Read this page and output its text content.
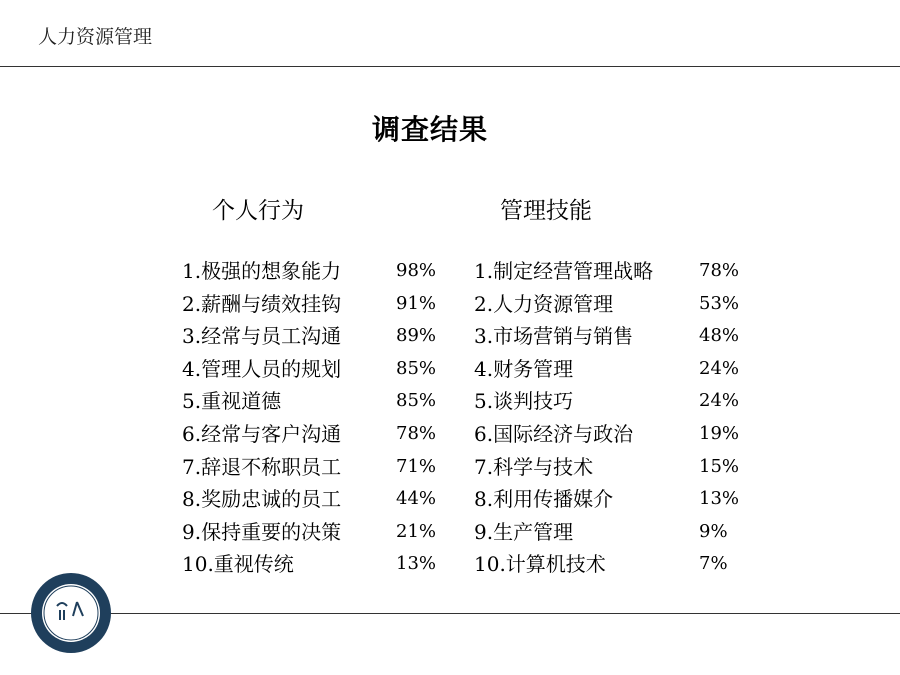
人力资源管理
调查结果
个人行为	管理技能
1.极强的想象能力	98%
2.薪酬与绩效挂钩	91%
3.经常与员工沟通	89%
4.管理人员的规划	85%
5.重视道德	85%
6.经常与客户沟通	78%
7.辞退不称职员工	71%
8.奖励忠诚的员工	44%
9.保持重要的决策	21%
10.重视传统	13%
1.制定经营管理战略	78%
2.人力资源管理	53%
3.市场营销与销售	48%
4.财务管理	24%
5.谈判技巧	24%
6.国际经济与政治	19%
7.科学与技术	15%
8.利用传播媒介	13%
9.生产管理	9%
10.计算机技术	7%
